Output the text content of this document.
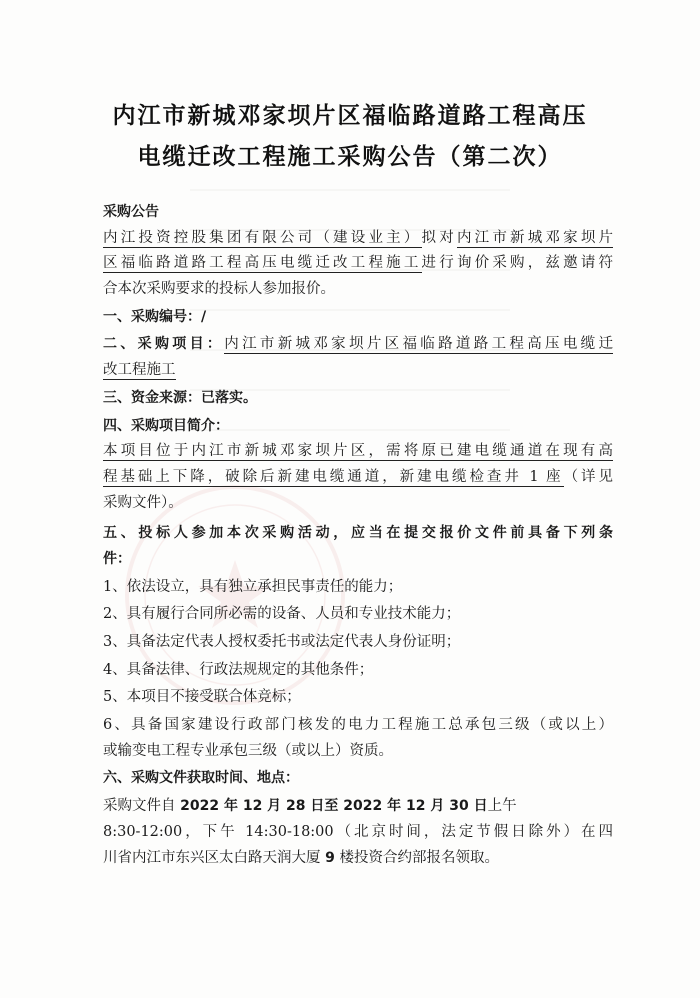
内江市新城邓家坝片区福临路道路工程高压
电缆迁改工程施工采购公告（第二次）
采购公告
内江投资控股集团有限公司（建设业主）拟对内江市新城邓家坝片
区福临路道路工程高压电缆迁改工程施工进行询价采购，兹邀请符
合本次采购要求的投标人参加报价。
一、采购编号：/
二、采购项目：内江市新城邓家坝片区福临路道路工程高压电缆迁
改工程施工
三、资金来源：已落实。
四、采购项目简介：
本项目位于内江市新城邓家坝片区，需将原已建电缆通道在现有高
程基础上下降，破除后新建电缆通道，新建电缆检查井 1 座（详见
采购文件）。
五、投标人参加本次采购活动，应当在提交报价文件前具备下列条
件：
1、依法设立，具有独立承担民事责任的能力；
2、具有履行合同所必需的设备、人员和专业技术能力；
3、具备法定代表人授权委托书或法定代表人身份证明；
4、具备法律、行政法规规定的其他条件；
5、本项目不接受联合体竞标；
6、具备国家建设行政部门核发的电力工程施工总承包三级（或以上）
或输变电工程专业承包三级（或以上）资质。
六、采购文件获取时间、地点：
采购文件自 2022 年 12 月 28 日至 2022 年 12 月 30 日上午
8:30-12:00，下午 14:30-18:00（北京时间，法定节假日除外）在四
川省内江市东兴区太白路天润大厦 9 楼投资合约部报名领取。
